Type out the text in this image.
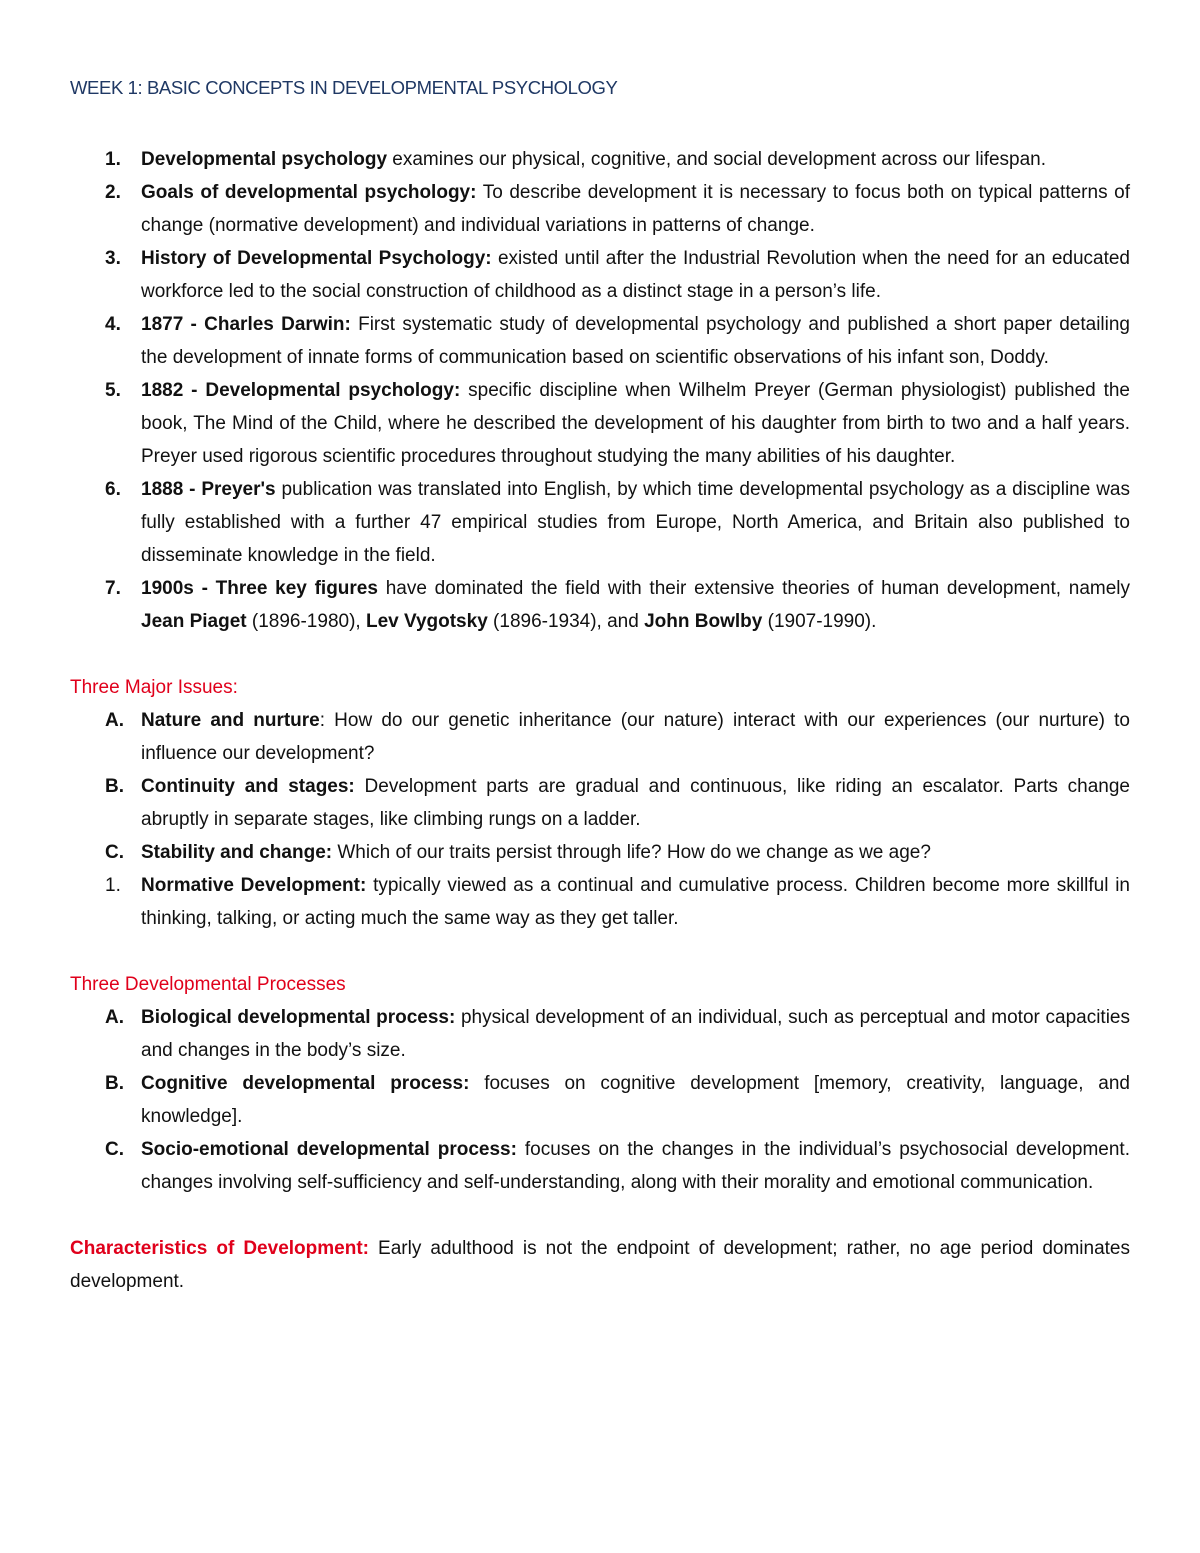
WEEK 1: BASIC CONCEPTS IN DEVELOPMENTAL PSYCHOLOGY
1. Developmental psychology examines our physical, cognitive, and social development across our lifespan.
2. Goals of developmental psychology: To describe development it is necessary to focus both on typical patterns of change (normative development) and individual variations in patterns of change.
3. History of Developmental Psychology: existed until after the Industrial Revolution when the need for an educated workforce led to the social construction of childhood as a distinct stage in a person’s life.
4. 1877 - Charles Darwin: First systematic study of developmental psychology and published a short paper detailing the development of innate forms of communication based on scientific observations of his infant son, Doddy.
5. 1882 - Developmental psychology: specific discipline when Wilhelm Preyer (German physiologist) published the book, The Mind of the Child, where he described the development of his daughter from birth to two and a half years. Preyer used rigorous scientific procedures throughout studying the many abilities of his daughter.
6. 1888 - Preyer's publication was translated into English, by which time developmental psychology as a discipline was fully established with a further 47 empirical studies from Europe, North America, and Britain also published to disseminate knowledge in the field.
7. 1900s - Three key figures have dominated the field with their extensive theories of human development, namely Jean Piaget (1896-1980), Lev Vygotsky (1896-1934), and John Bowlby (1907-1990).
Three Major Issues:
A. Nature and nurture: How do our genetic inheritance (our nature) interact with our experiences (our nurture) to influence our development?
B. Continuity and stages: Development parts are gradual and continuous, like riding an escalator. Parts change abruptly in separate stages, like climbing rungs on a ladder.
C. Stability and change: Which of our traits persist through life? How do we change as we age?
1. Normative Development: typically viewed as a continual and cumulative process. Children become more skillful in thinking, talking, or acting much the same way as they get taller.
Three Developmental Processes
A. Biological developmental process: physical development of an individual, such as perceptual and motor capacities and changes in the body’s size.
B. Cognitive developmental process: focuses on cognitive development [memory, creativity, language, and knowledge].
C. Socio-emotional developmental process: focuses on the changes in the individual’s psychosocial development. changes involving self-sufficiency and self-understanding, along with their morality and emotional communication.
Characteristics of Development: Early adulthood is not the endpoint of development; rather, no age period dominates development.
